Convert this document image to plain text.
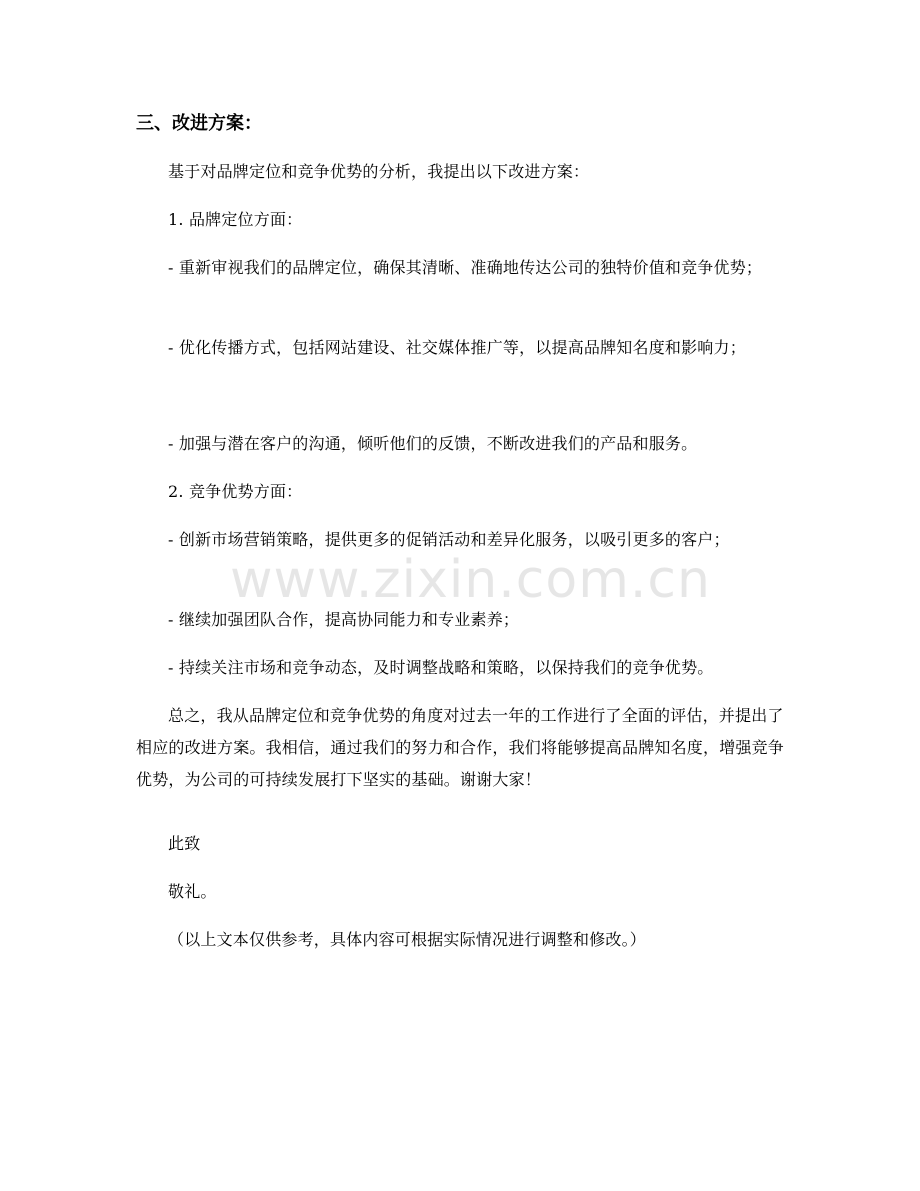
三、改进方案：
基于对品牌定位和竞争优势的分析，我提出以下改进方案：
1. 品牌定位方面：
- 重新审视我们的品牌定位，确保其清晰、准确地传达公司的独特价值和竞争优势；
- 优化传播方式，包括网站建设、社交媒体推广等，以提高品牌知名度和影响力；
- 加强与潜在客户的沟通，倾听他们的反馈，不断改进我们的产品和服务。
2. 竞争优势方面：
- 创新市场营销策略，提供更多的促销活动和差异化服务，以吸引更多的客户；
- 继续加强团队合作，提高协同能力和专业素养；
- 持续关注市场和竞争动态，及时调整战略和策略，以保持我们的竞争优势。
总之，我从品牌定位和竞争优势的角度对过去一年的工作进行了全面的评估，并提出了相应的改进方案。我相信，通过我们的努力和合作，我们将能够提高品牌知名度，增强竞争优势，为公司的可持续发展打下坚实的基础。谢谢大家！
此致
敬礼。
（以上文本仅供参考，具体内容可根据实际情况进行调整和修改。）
www.zixin.com.cn
